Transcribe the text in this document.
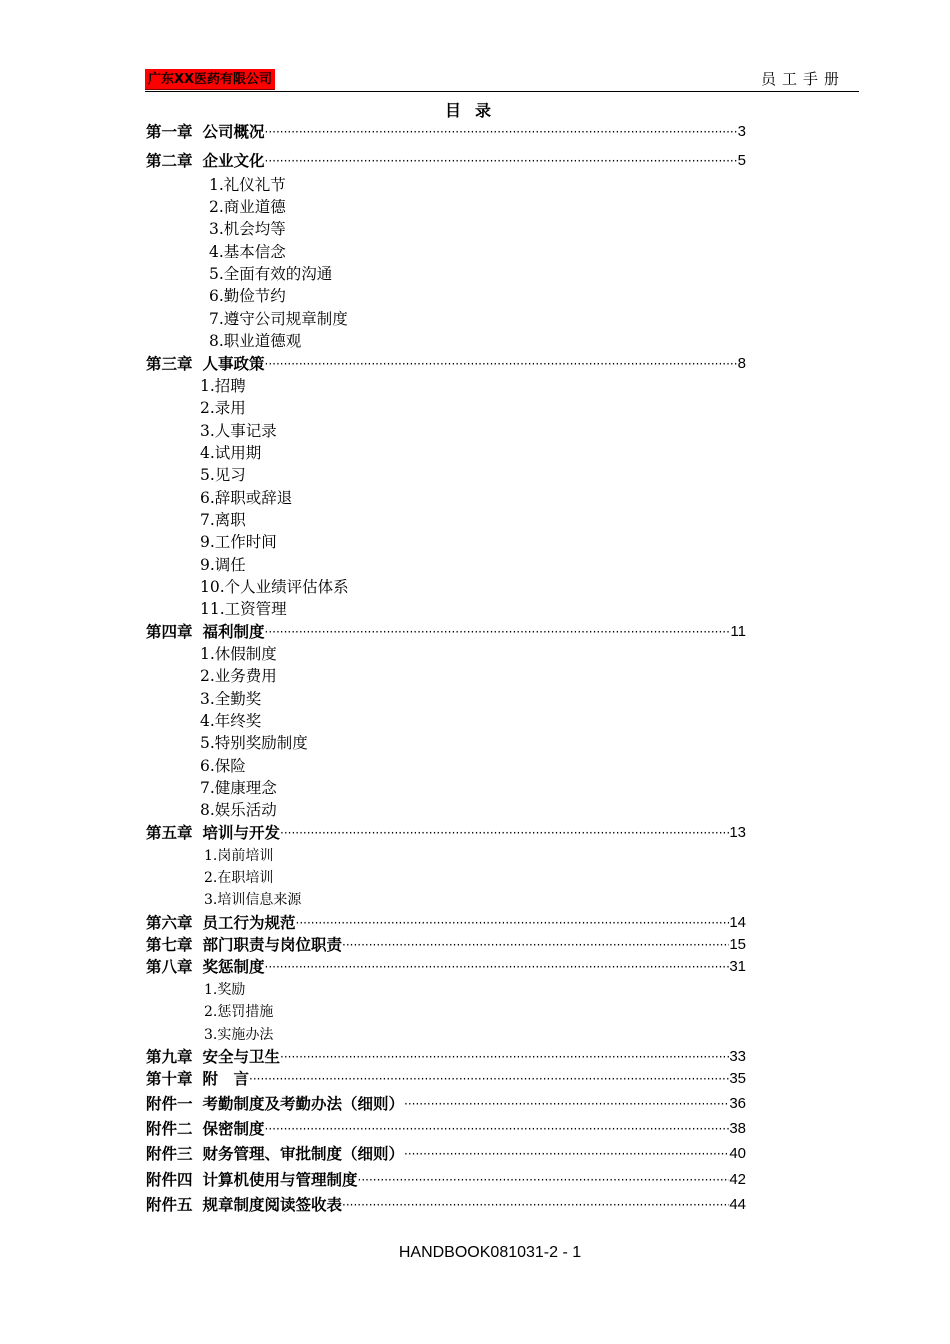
广东XX医药有限公司	员工手册
目录
第一章 公司概况 ·····	3
第二章 企业文化 ·····	5
1.礼仪礼节
2.商业道德
3.机会均等
4.基本信念
5.全面有效的沟通
6.勤俭节约
7.遵守公司规章制度
8.职业道德观
第三章 人事政策 ·····	8
1.招聘
2.录用
3.人事记录
4.试用期
5.见习
6.辞职或辞退
7.离职
9.工作时间
9.调任
10.个人业绩评估体系
11.工资管理
第四章 福利制度 ·····	11
1.休假制度
2.业务费用
3.全勤奖
4.年终奖
5.特别奖励制度
6.保险
7.健康理念
8.娱乐活动
第五章 培训与开发 ·····	13
1.岗前培训
2.在职培训
3.培训信息来源
第六章 员工行为规范 ·····	14
第七章 部门职责与岗位职责 ·····	15
第八章 奖惩制度 ·····	31
1.奖励
2.惩罚措施
3.实施办法
第九章 安全与卫生 ·····	33
第十章 附　言 ·····	35
附件一 考勤制度及考勤办法（细则） ·····	36
附件二 保密制度 ·····	38
附件三 财务管理、审批制度（细则） ·····	40
附件四 计算机使用与管理制度 ·····	42
附件五 规章制度阅读签收表 ·····	44
HANDBOOK081031-2 - 1
